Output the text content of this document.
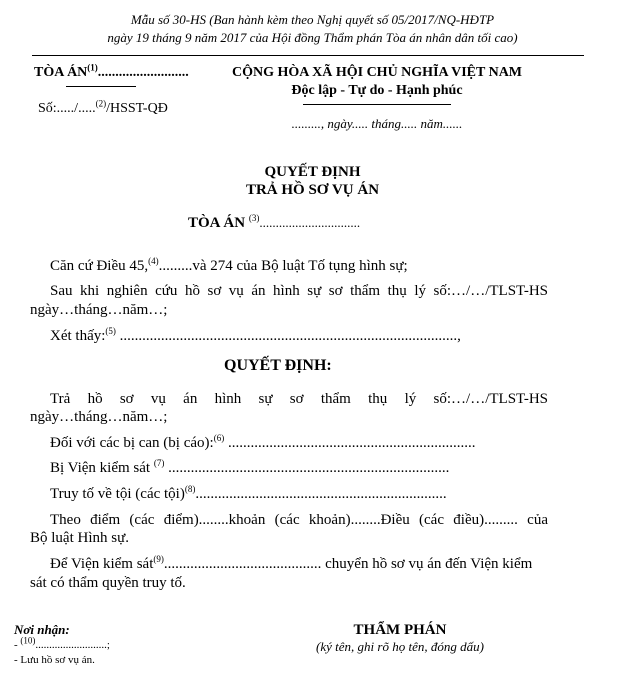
Mẫu số 30-HS (Ban hành kèm theo Nghị quyết số 05/2017/NQ-HĐTP
ngày 19 tháng 9 năm 2017 của Hội đồng Thẩm phán Tòa án nhân dân tối cao)
TÒA ÁN$^{(1)}$..........................
Số:...../.....$^{(2)}$/HSST-QĐ
CỘNG HÒA XÃ HỘI CHỦ NGHĨA VIỆT NAM
Độc lập - Tự do - Hạnh phúc
........., ngày..... tháng..... năm......
QUYẾT ĐỊNH
TRẢ HỒ SƠ VỤ ÁN
TÒA ÁN $^{(3)}$...............................
Căn cứ Điều 45,$^{(4)}$.........và 274 của Bộ luật Tố tụng hình sự;
Sau khi nghiên cứu hồ sơ vụ án hình sự sơ thẩm thụ lý số:…/…/TLST-HS
ngày…tháng…năm…;
Xét thấy:$^{(5)}$ ..........................................................................................,
QUYẾT ĐỊNH:
Trả hồ sơ vụ án hình sự sơ thẩm thụ lý số:…/…/TLST-HS
ngày…tháng…năm…;
Đối với các bị can (bị cáo):$^{(6)}$ ..................................................................
Bị Viện kiểm sát $^{(7)}$ ...........................................................................
Truy tố về tội (các tội)$^{(8)}$...................................................................
Theo điểm (các điểm)........khoản (các khoản)........Điều (các điều)......... của
Bộ luật Hình sự.
Để Viện kiểm sát$^{(9)}$.......................................... chuyển hồ sơ vụ án đến Viện kiểm
sát có thẩm quyền truy tố.
Nơi nhận:
- $^{(10)}$..........................;
- Lưu hồ sơ vụ án.
THẨM PHÁN
(ký tên, ghi rõ họ tên, đóng dấu)
